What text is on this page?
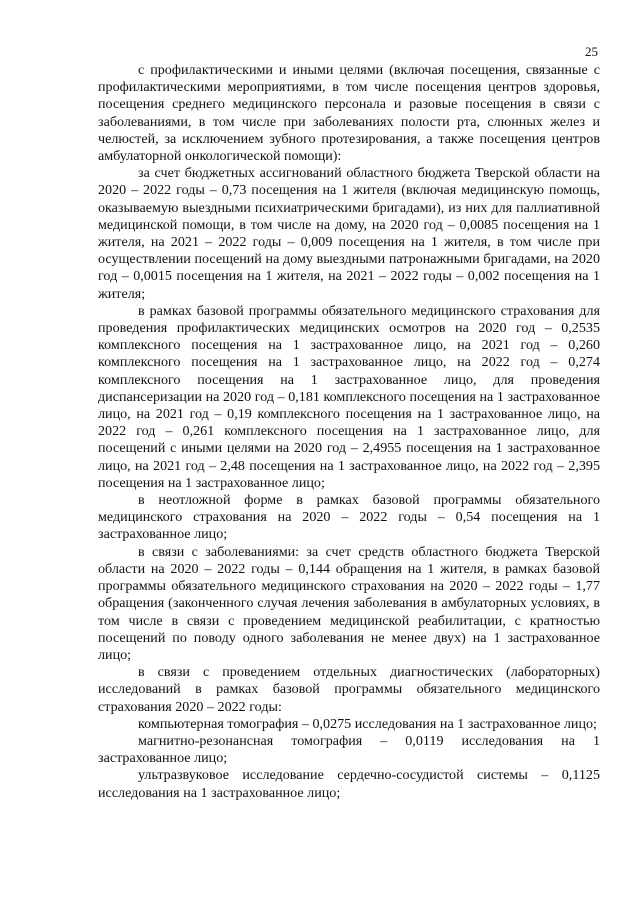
25

с профилактическими и иными целями (включая посещения, связанные с профилактическими мероприятиями, в том числе посещения центров здоровья, посещения среднего медицинского персонала и разовые посещения в связи с заболеваниями, в том числе при заболеваниях полости рта, слюнных желез и челюстей, за исключением зубного протезирования, а также посещения центров амбулаторной онкологической помощи):

за счет бюджетных ассигнований областного бюджета Тверской области на 2020 – 2022 годы – 0,73 посещения на 1 жителя (включая медицинскую помощь, оказываемую выездными психиатрическими бригадами), из них для паллиативной медицинской помощи, в том числе на дому, на 2020 год – 0,0085 посещения на 1 жителя, на 2021 – 2022 годы – 0,009 посещения на 1 жителя, в том числе при осуществлении посещений на дому выездными патронажными бригадами, на 2020 год – 0,0015 посещения на 1 жителя, на 2021 – 2022 годы – 0,002 посещения на 1 жителя;

в рамках базовой программы обязательного медицинского страхования для проведения профилактических медицинских осмотров на 2020 год – 0,2535 комплексного посещения на 1 застрахованное лицо, на 2021 год – 0,260 комплексного посещения на 1 застрахованное лицо, на 2022 год – 0,274 комплексного посещения на 1 застрахованное лицо, для проведения диспансеризации на 2020 год – 0,181 комплексного посещения на 1 застрахованное лицо, на 2021 год – 0,19 комплексного посещения на 1 застрахованное лицо, на 2022 год – 0,261 комплексного посещения на 1 застрахованное лицо, для посещений с иными целями на 2020 год – 2,4955 посещения на 1 застрахованное лицо, на 2021 год – 2,48 посещения на 1 застрахованное лицо, на 2022 год – 2,395 посещения на 1 застрахованное лицо;

в неотложной форме в рамках базовой программы обязательного медицинского страхования на 2020 – 2022 годы – 0,54 посещения на 1 застрахованное лицо;

в связи с заболеваниями: за счет средств областного бюджета Тверской области на 2020 – 2022 годы – 0,144 обращения на 1 жителя, в рамках базовой программы обязательного медицинского страхования на 2020 – 2022 годы – 1,77 обращения (законченного случая лечения заболевания в амбулаторных условиях, в том числе в связи с проведением медицинской реабилитации, с кратностью посещений по поводу одного заболевания не менее двух) на 1 застрахованное лицо;

в связи с проведением отдельных диагностических (лабораторных) исследований в рамках базовой программы обязательного медицинского страхования 2020 – 2022 годы:

компьютерная томография – 0,0275 исследования на 1 застрахованное лицо;

магнитно-резонансная томография – 0,0119 исследования на 1 застрахованное лицо;

ультразвуковое исследование сердечно-сосудистой системы – 0,1125 исследования на 1 застрахованное лицо;
